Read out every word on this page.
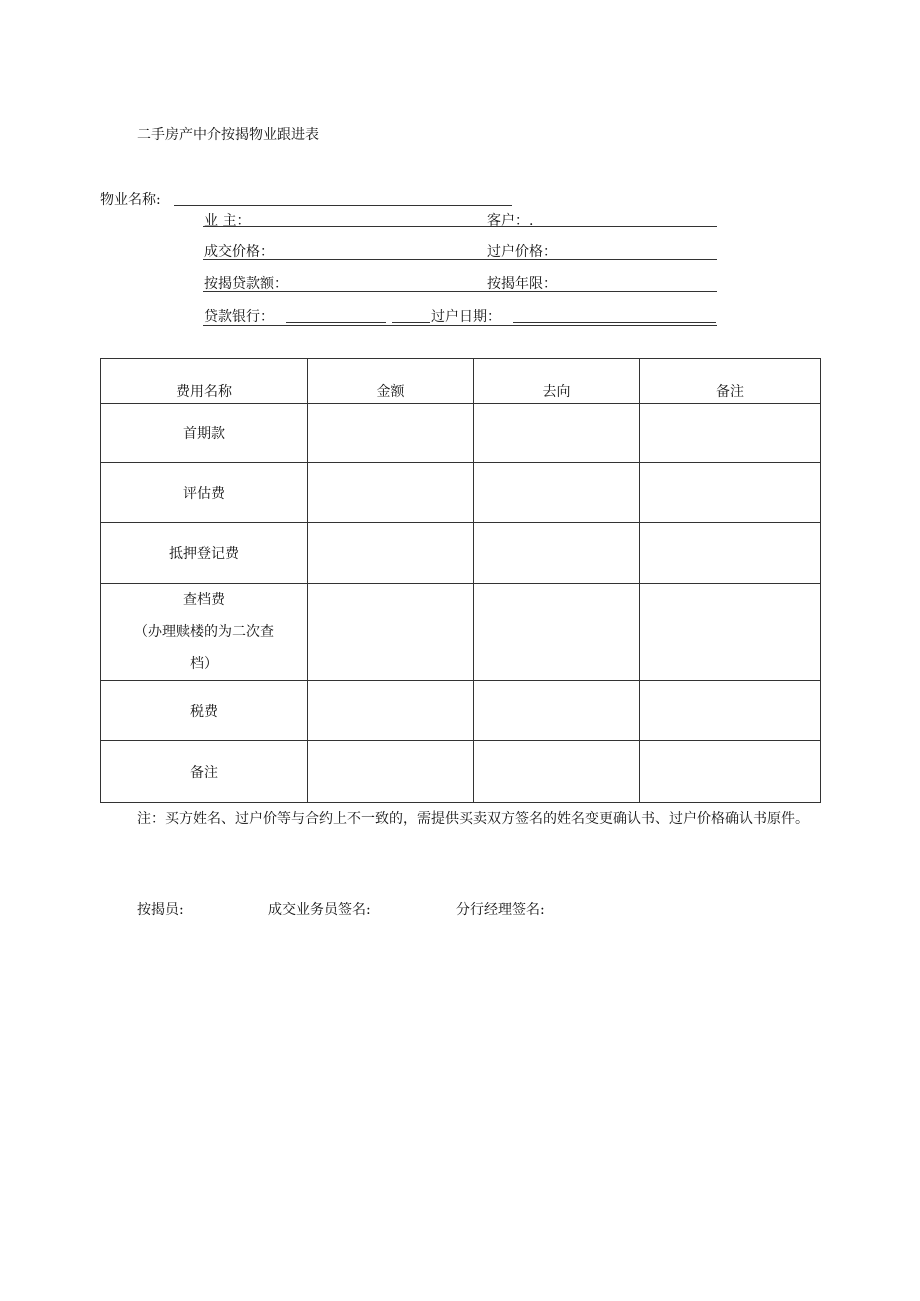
二手房产中介按揭物业跟进表
物业名称:
业 主：	客户：.
成交价格：	过户价格：
按揭贷款额：	按揭年限：
贷款银行：	过户日期：
费用名称	金额	去向	备注
首期款			
评估费			
抵押登记费			

查档费
（办理赎楼的为二次查
档）			

税费			
备注			
注：买方姓名、过户价等与合约上不一致的，需提供买卖双方签名的姓名变更确认书、过户价格确认书原件。
按揭员:	成交业务员签名:	分行经理签名:
